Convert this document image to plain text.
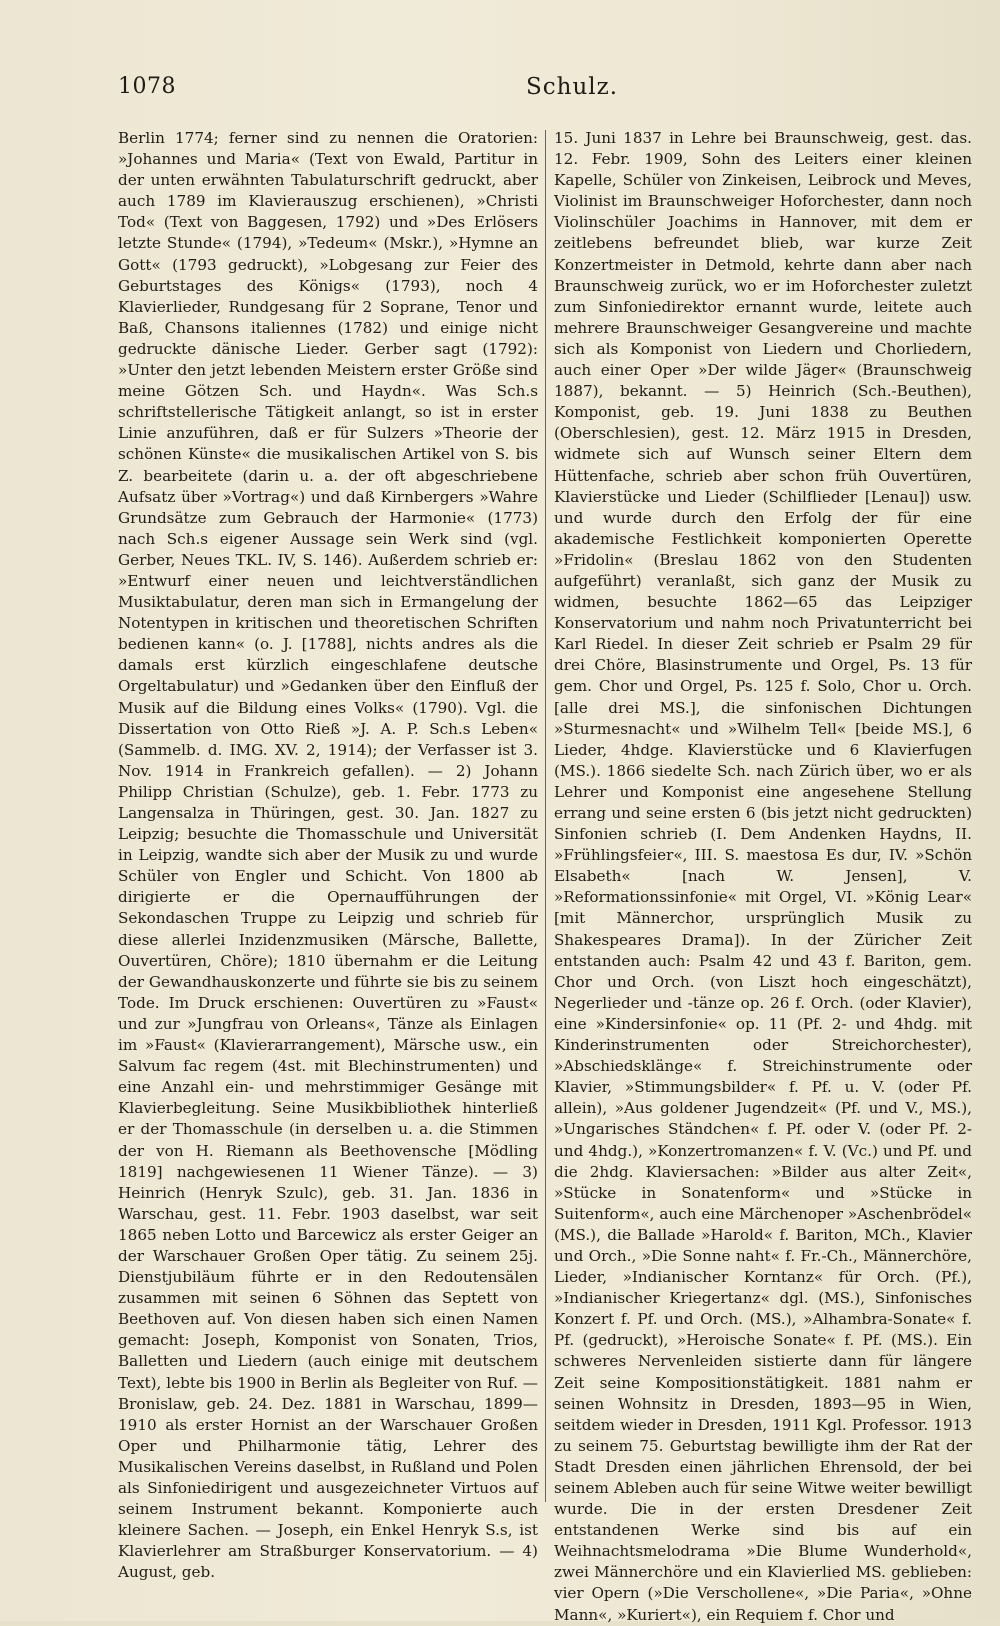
1078	Schulz.

Berlin 1774; ferner sind zu nennen die Oratorien: »Johannes und Maria« (Text von Ewald, Partitur in der unten erwähnten Tabulaturschrift gedruckt, aber auch 1789 im Klavierauszug erschienen), »Christi Tod« (Text von Baggesen, 1792) und »Des Erlösers letzte Stunde« (1794), »Tedeum« (Mskr.), »Hymne an Gott« (1793 gedruckt), »Lobgesang zur Feier des Geburtstages des Königs« (1793), noch 4 Klavierlieder, Rundgesang für 2 Soprane, Tenor und Baß, Chansons italiennes (1782) und einige nicht gedruckte dänische Lieder. Gerber sagt (1792): »Unter den jetzt lebenden Meistern erster Größe sind meine Götzen Sch. und Haydn«. Was Sch.s schriftstellerische Tätigkeit anlangt, so ist in erster Linie anzuführen, daß er für Sulzers »Theorie der schönen Künste« die musikalischen Artikel von S. bis Z. bearbeitete (darin u. a. der oft abgeschriebene Aufsatz über »Vortrag«) und daß Kirnbergers »Wahre Grundsätze zum Gebrauch der Harmonie« (1773) nach Sch.s eigener Aussage sein Werk sind (vgl. Gerber, Neues TKL. IV, S. 146). Außerdem schrieb er: »Entwurf einer neuen und leichtverständlichen Musiktabulatur, deren man sich in Ermangelung der Notentypen in kritischen und theoretischen Schriften bedienen kann« (o. J. [1788], nichts andres als die damals erst kürzlich eingeschlafene deutsche Orgeltabulatur) und »Gedanken über den Einfluß der Musik auf die Bildung eines Volks« (1790). Vgl. die Dissertation von Otto Rieß »J. A. P. Sch.s Leben« (Sammelb. d. IMG. XV. 2, 1914); der Verfasser ist 3. Nov. 1914 in Frankreich gefallen). — 2) Johann Philipp Christian (Schulze), geb. 1. Febr. 1773 zu Langensalza in Thüringen, gest. 30. Jan. 1827 zu Leipzig; besuchte die Thomasschule und Universität in Leipzig, wandte sich aber der Musik zu und wurde Schüler von Engler und Schicht. Von 1800 ab dirigierte er die Opernaufführungen der Sekondaschen Truppe zu Leipzig und schrieb für diese allerlei Inzidenzmusiken (Märsche, Ballette, Ouvertüren, Chöre); 1810 übernahm er die Leitung der Gewandhauskonzerte und führte sie bis zu seinem Tode. Im Druck erschienen: Ouvertüren zu »Faust« und zur »Jungfrau von Orleans«, Tänze als Einlagen im »Faust« (Klavierarrangement), Märsche usw., ein Salvum fac regem (4st. mit Blechinstrumenten) und eine Anzahl ein- und mehrstimmiger Gesänge mit Klavierbegleitung. Seine Musikbibliothek hinterließ er der Thomasschule (in derselben u. a. die Stimmen der von H. Riemann als Beethovensche [Mödling 1819] nachgewiesenen 11 Wiener Tänze). — 3) Heinrich (Henryk Szulc), geb. 31. Jan. 1836 in Warschau, gest. 11. Febr. 1903 daselbst, war seit 1865 neben Lotto und Barcewicz als erster Geiger an der Warschauer Großen Oper tätig. Zu seinem 25j. Dienstjubiläum führte er in den Redoutensälen zusammen mit seinen 6 Söhnen das Septett von Beethoven auf. Von diesen haben sich einen Namen gemacht: Joseph, Komponist von Sonaten, Trios, Balletten und Liedern (auch einige mit deutschem Text), lebte bis 1900 in Berlin als Begleiter von Ruf. — Bronislaw, geb. 24. Dez. 1881 in Warschau, 1899—1910 als erster Hornist an der Warschauer Großen Oper und Philharmonie tätig, Lehrer des Musikalischen Vereins daselbst, in Rußland und Polen als Sinfoniedirigent und ausgezeichneter Virtuos auf seinem Instrument bekannt. Komponierte auch kleinere Sachen. — Joseph, ein Enkel Henryk S.s, ist Klavierlehrer am Straßburger Konservatorium. — 4) August, geb.

15. Juni 1837 in Lehre bei Braunschweig, gest. das. 12. Febr. 1909, Sohn des Leiters einer kleinen Kapelle, Schüler von Zinkeisen, Leibrock und Meves, Violinist im Braunschweiger Hoforchester, dann noch Violinschüler Joachims in Hannover, mit dem er zeitlebens befreundet blieb, war kurze Zeit Konzertmeister in Detmold, kehrte dann aber nach Braunschweig zurück, wo er im Hoforchester zuletzt zum Sinfoniedirektor ernannt wurde, leitete auch mehrere Braunschweiger Gesangvereine und machte sich als Komponist von Liedern und Chorliedern, auch einer Oper »Der wilde Jäger« (Braunschweig 1887), bekannt. — 5) Heinrich (Sch.-Beuthen), Komponist, geb. 19. Juni 1838 zu Beuthen (Oberschlesien), gest. 12. März 1915 in Dresden, widmete sich auf Wunsch seiner Eltern dem Hüttenfache, schrieb aber schon früh Ouvertüren, Klavierstücke und Lieder (Schilflieder [Lenau]) usw. und wurde durch den Erfolg der für eine akademische Festlichkeit komponierten Operette »Fridolin« (Breslau 1862 von den Studenten aufgeführt) veranlaßt, sich ganz der Musik zu widmen, besuchte 1862—65 das Leipziger Konservatorium und nahm noch Privatunterricht bei Karl Riedel. In dieser Zeit schrieb er Psalm 29 für drei Chöre, Blasinstrumente und Orgel, Ps. 13 für gem. Chor und Orgel, Ps. 125 f. Solo, Chor u. Orch. [alle drei MS.], die sinfonischen Dichtungen »Sturmesnacht« und »Wilhelm Tell« [beide MS.], 6 Lieder, 4hdge. Klavierstücke und 6 Klavierfugen (MS.). 1866 siedelte Sch. nach Zürich über, wo er als Lehrer und Komponist eine angesehene Stellung errang und seine ersten 6 (bis jetzt nicht gedruckten) Sinfonien schrieb (I. Dem Andenken Haydns, II. »Frühlingsfeier«, III. S. maestosa Es dur, IV. »Schön Elsabeth« [nach W. Jensen], V. »Reformationssinfonie« mit Orgel, VI. »König Lear« [mit Männerchor, ursprünglich Musik zu Shakespeares Drama]). In der Züricher Zeit entstanden auch: Psalm 42 und 43 f. Bariton, gem. Chor und Orch. (von Liszt hoch eingeschätzt), Negerlieder und -tänze op. 26 f. Orch. (oder Klavier), eine »Kindersinfonie« op. 11 (Pf. 2- und 4hdg. mit Kinderinstrumenten oder Streichorchester), »Abschiedsklänge« f. Streichinstrumente oder Klavier, »Stimmungsbilder« f. Pf. u. V. (oder Pf. allein), »Aus goldener Jugendzeit« (Pf. und V., MS.), »Ungarisches Ständchen« f. Pf. oder V. (oder Pf. 2- und 4hdg.), »Konzertromanzen« f. V. (Vc.) und Pf. und die 2hdg. Klaviersachen: »Bilder aus alter Zeit«, »Stücke in Sonatenform« und »Stücke in Suitenform«, auch eine Märchenoper »Aschenbrödel« (MS.), die Ballade »Harold« f. Bariton, MCh., Klavier und Orch., »Die Sonne naht« f. Fr.-Ch., Männerchöre, Lieder, »Indianischer Korntanz« für Orch. (Pf.), »Indianischer Kriegertanz« dgl. (MS.), Sinfonisches Konzert f. Pf. und Orch. (MS.), »Alhambra-Sonate« f. Pf. (gedruckt), »Heroische Sonate« f. Pf. (MS.). Ein schweres Nervenleiden sistierte dann für längere Zeit seine Kompositionstätigkeit. 1881 nahm er seinen Wohnsitz in Dresden, 1893—95 in Wien, seitdem wieder in Dresden, 1911 Kgl. Professor. 1913 zu seinem 75. Geburtstag bewilligte ihm der Rat der Stadt Dresden einen jährlichen Ehrensold, der bei seinem Ableben auch für seine Witwe weiter bewilligt wurde. Die in der ersten Dresdener Zeit entstandenen Werke sind bis auf ein Weihnachtsmelodrama »Die Blume Wunderhold«, zwei Männerchöre und ein Klavierlied MS. geblieben: vier Opern (»Die Verschollene«, »Die Paria«, »Ohne Mann«, »Kuriert«), ein Requiem f. Chor und
